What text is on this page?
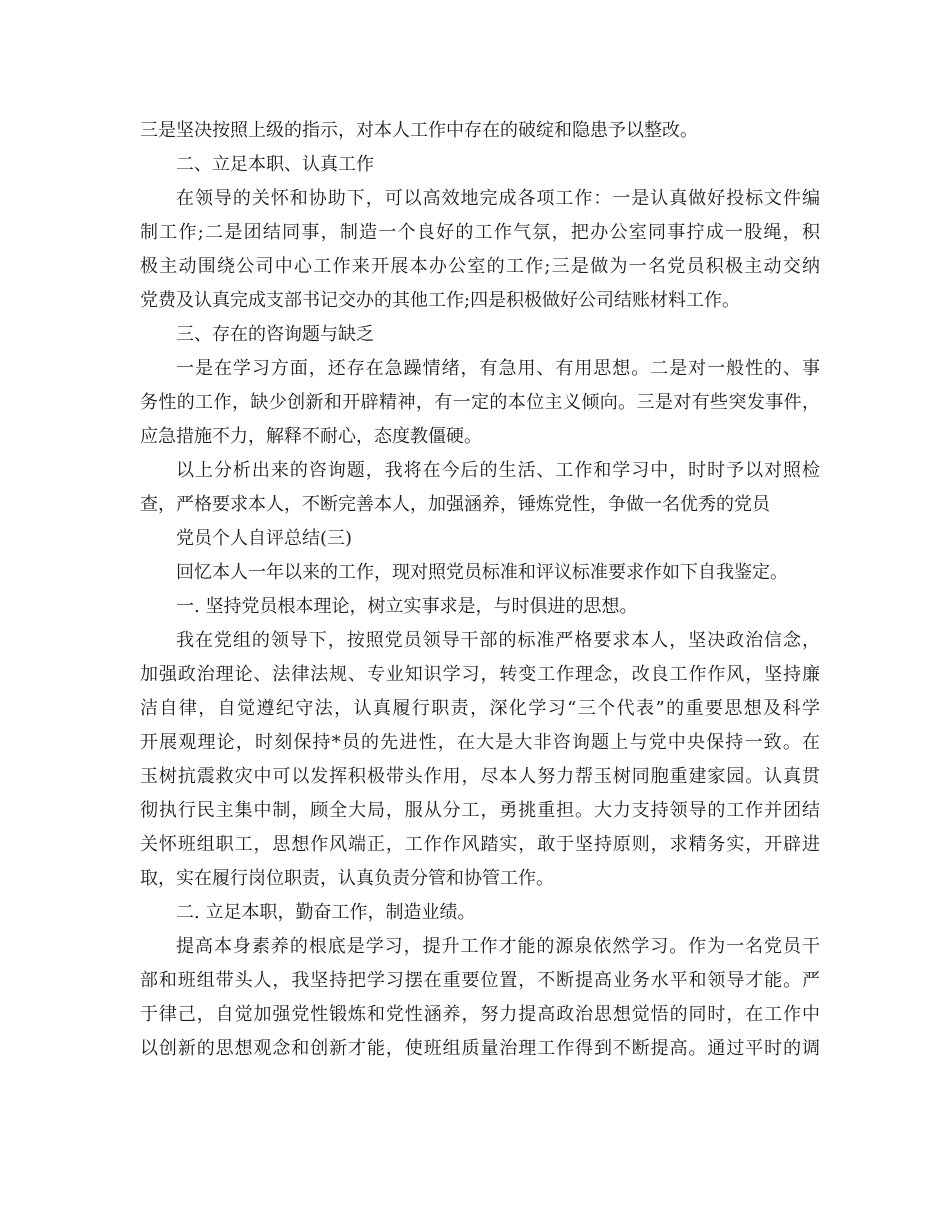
三是坚决按照上级的指示，对本人工作中存在的破绽和隐患予以整改。
二、立足本职、认真工作
在领导的关怀和协助下，可以高效地完成各项工作：一是认真做好投标文件编
制工作;二是团结同事，制造一个良好的工作气氛，把办公室同事拧成一股绳，积
极主动围绕公司中心工作来开展本办公室的工作;三是做为一名党员积极主动交纳
党费及认真完成支部书记交办的其他工作;四是积极做好公司结账材料工作。
三、存在的咨询题与缺乏
一是在学习方面，还存在急躁情绪，有急用、有用思想。二是对一般性的、事
务性的工作，缺少创新和开辟精神，有一定的本位主义倾向。三是对有些突发事件，
应急措施不力，解释不耐心，态度教僵硬。
以上分析出来的咨询题，我将在今后的生活、工作和学习中，时时予以对照检
查，严格要求本人，不断完善本人，加强涵养，锤炼党性，争做一名优秀的党员
党员个人自评总结(三)
回忆本人一年以来的工作，现对照党员标准和评议标准要求作如下自我鉴定。
一. 坚持党员根本理论，树立实事求是，与时俱进的思想。
我在党组的领导下，按照党员领导干部的标准严格要求本人，坚决政治信念，
加强政治理论、法律法规、专业知识学习，转变工作理念，改良工作作风，坚持廉
洁自律，自觉遵纪守法，认真履行职责，深化学习“三个代表”的重要思想及科学
开展观理论，时刻保持*员的先进性，在大是大非咨询题上与党中央保持一致。在
玉树抗震救灾中可以发挥积极带头作用，尽本人努力帮玉树同胞重建家园。认真贯
彻执行民主集中制，顾全大局，服从分工，勇挑重担。大力支持领导的工作并团结
关怀班组职工，思想作风端正，工作作风踏实，敢于坚持原则，求精务实，开辟进
取，实在履行岗位职责，认真负责分管和协管工作。
二. 立足本职，勤奋工作，制造业绩。
提高本身素养的根底是学习，提升工作才能的源泉依然学习。作为一名党员干
部和班组带头人，我坚持把学习摆在重要位置，不断提高业务水平和领导才能。严
于律己，自觉加强党性锻炼和党性涵养，努力提高政治思想觉悟的同时，在工作中
以创新的思想观念和创新才能，使班组质量治理工作得到不断提高。通过平时的调
